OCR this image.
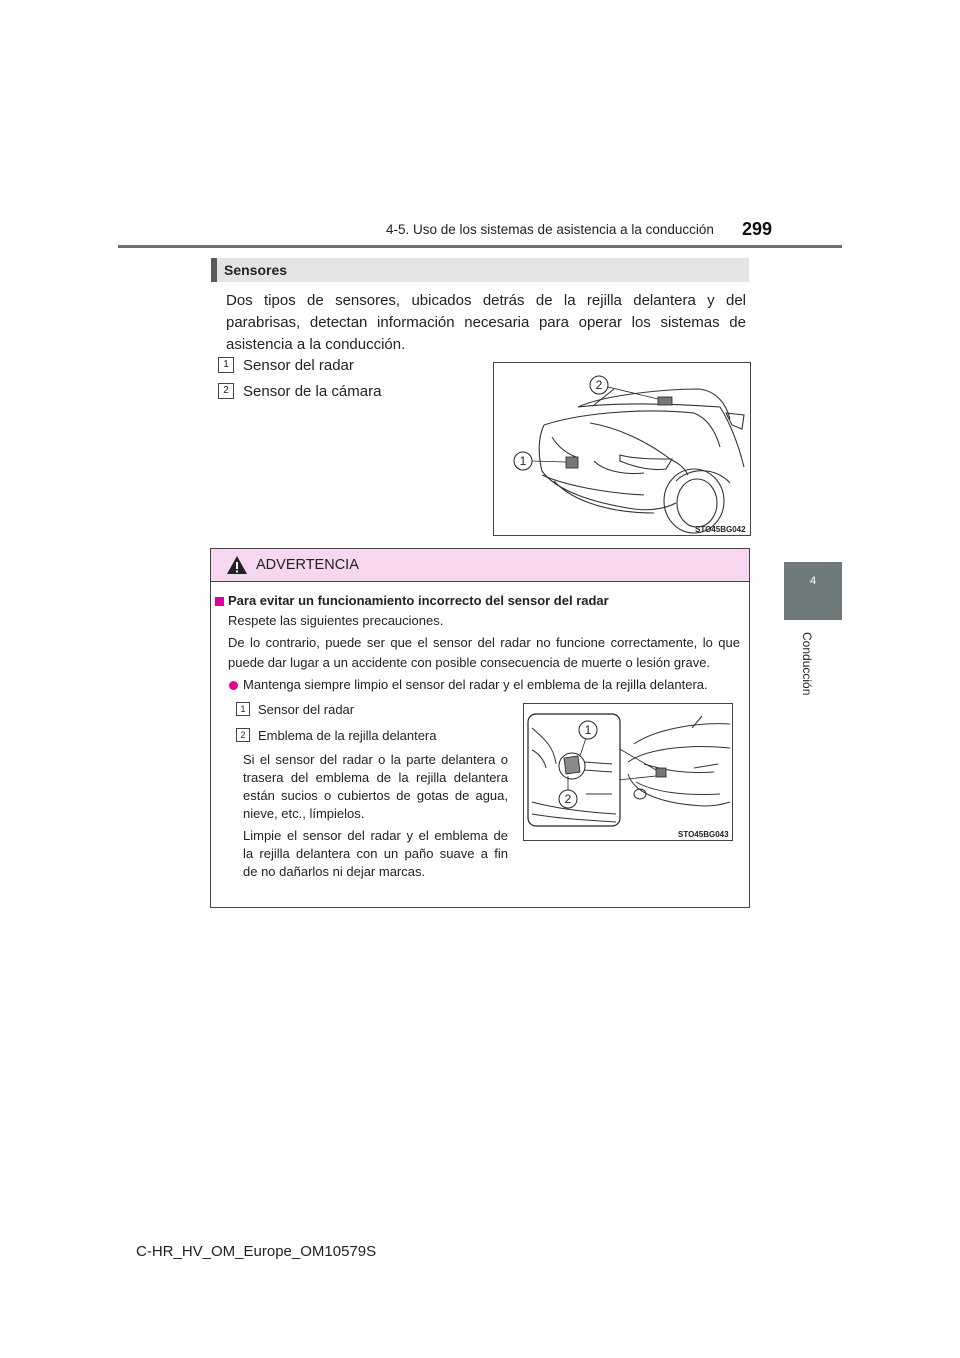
4-5. Uso de los sistemas de asistencia a la conducción 299
4
Conducción
Sensores
Dos tipos de sensores, ubicados detrás de la rejilla delantera y del
parabrisas, detectan información necesaria para operar los sistemas de
asistencia a la conducción.
1 Sensor del radar
2 Sensor de la cámara
STO45BG042
2
1
ADVERTENCIA
Para evitar un funcionamiento incorrecto del sensor del radar
Respete las siguientes precauciones.
De lo contrario, puede ser que el sensor del radar no funcione correctamente, lo que
puede dar lugar a un accidente con posible consecuencia de muerte o lesión grave.
Mantenga siempre limpio el sensor del radar y el emblema de la rejilla delantera.
1 Sensor del radar
2 Emblema de la rejilla delantera
Si el sensor del radar o la parte delantera o
trasera del emblema de la rejilla delantera
están sucios o cubiertos de gotas de agua,
nieve, etc., límpielos.
Limpie el sensor del radar y el emblema de
la rejilla delantera con un paño suave a fin
de no dañarlos ni dejar marcas.
STO45BG043
1
2
C-HR_HV_OM_Europe_OM10579S
